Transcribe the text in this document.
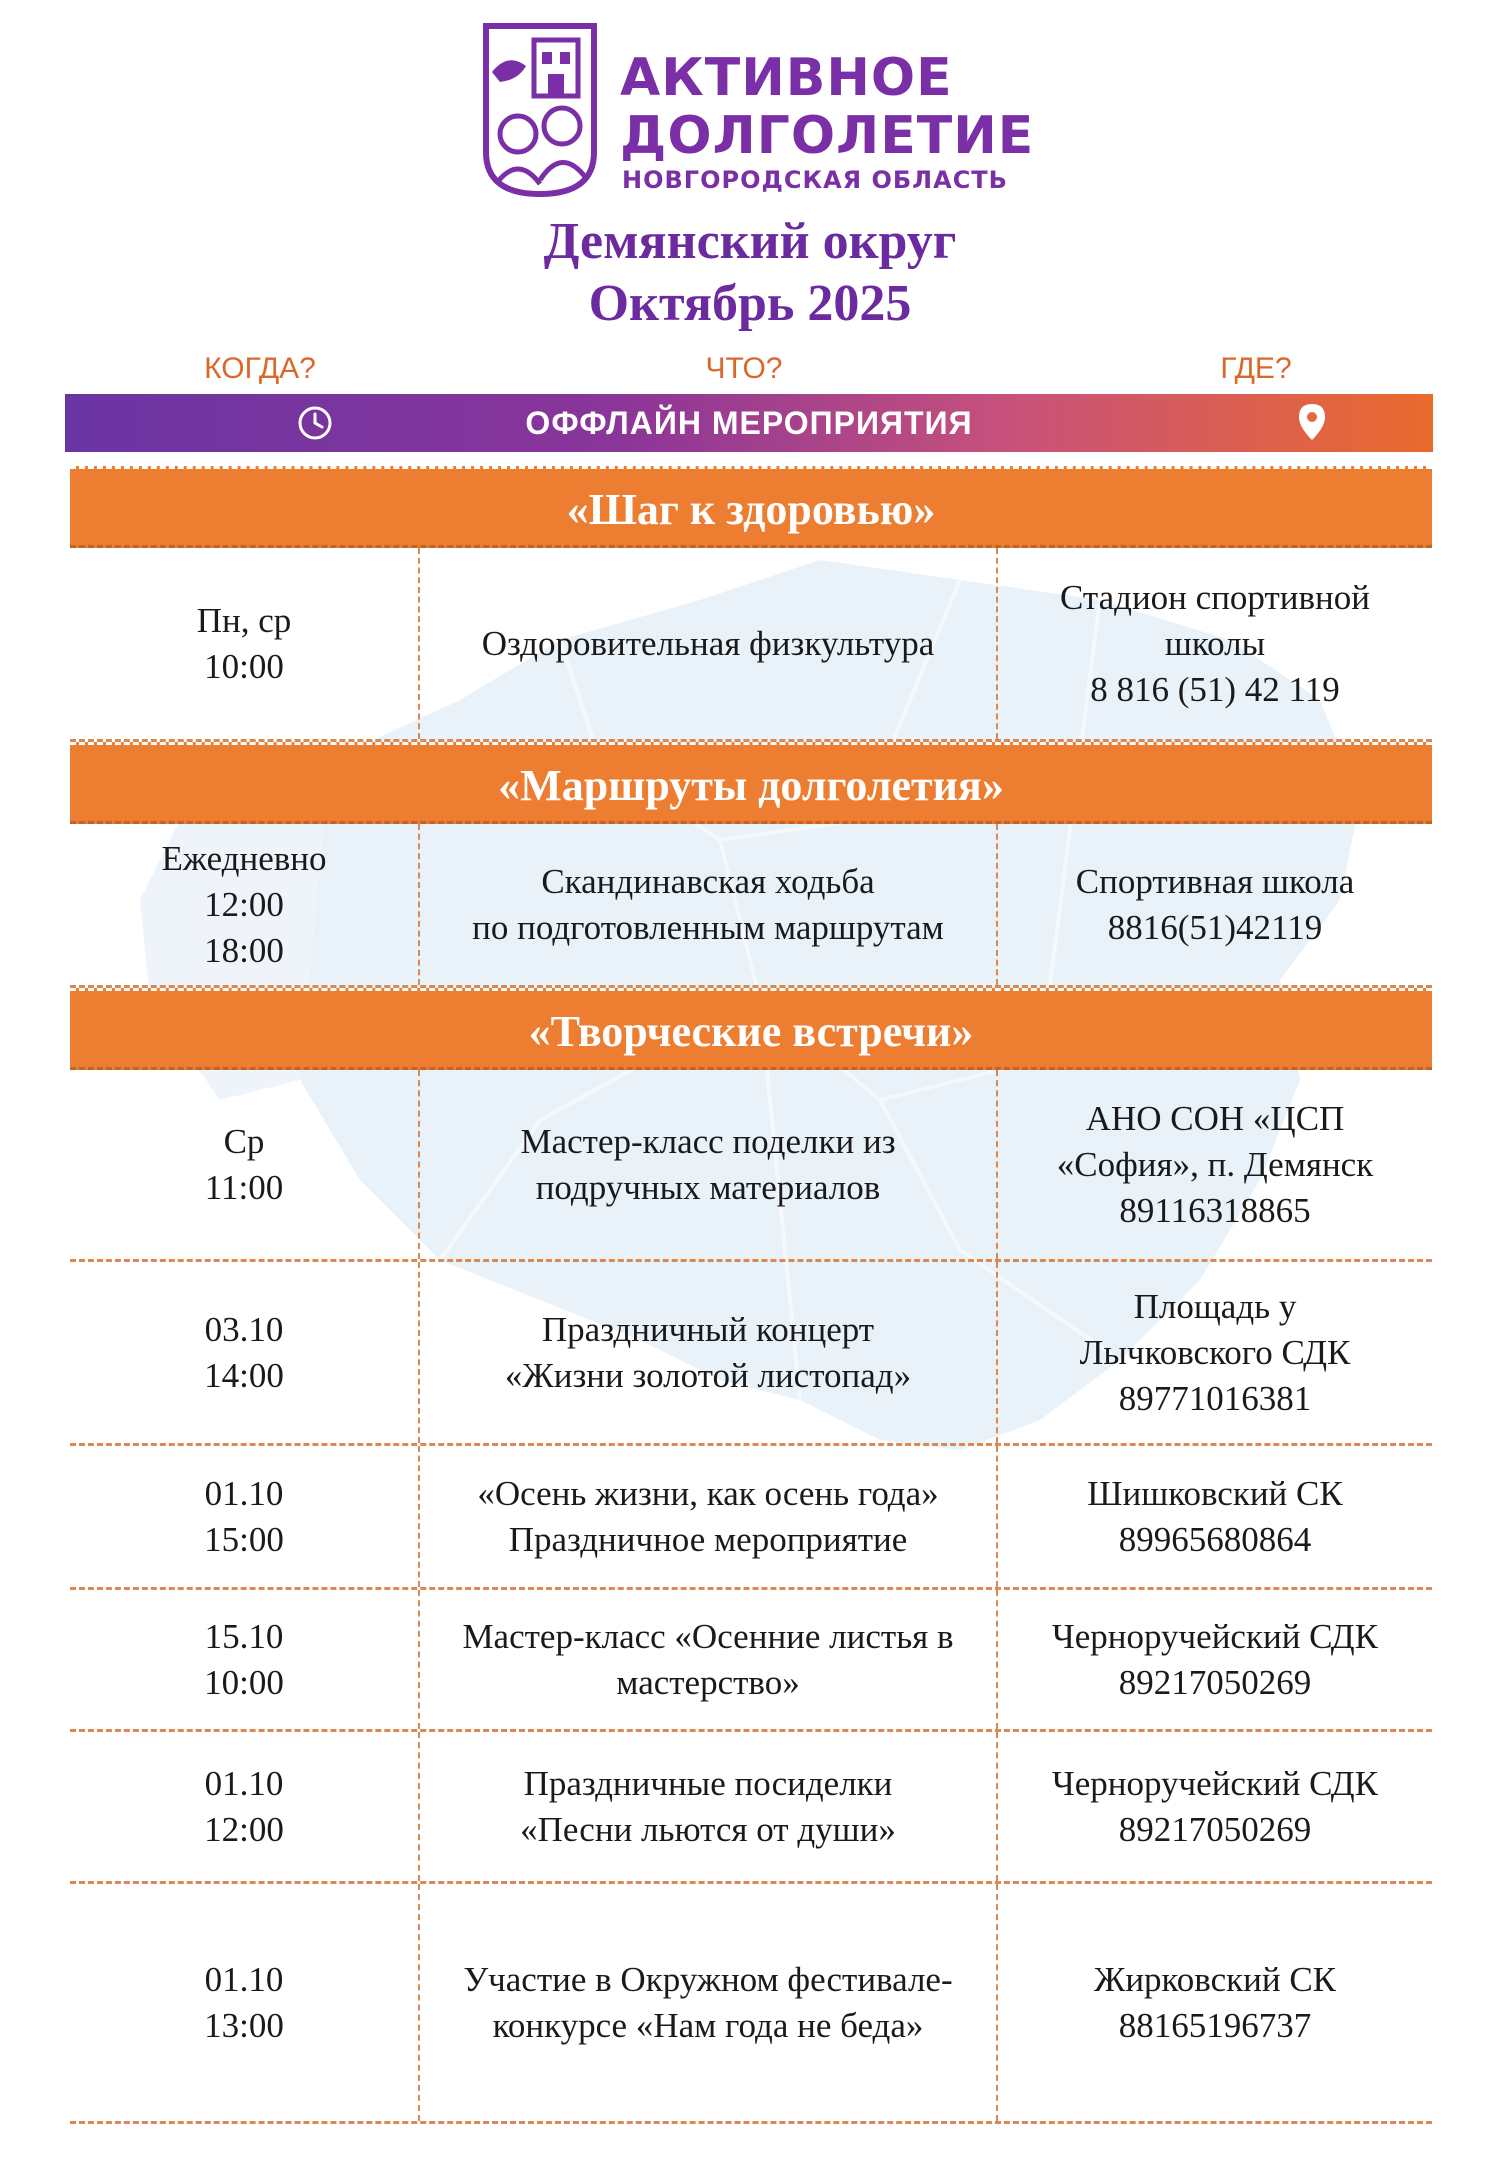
АКТИВНОЕ
ДОЛГОЛЕТИЕ
НОВГОРОДСКАЯ ОБЛАСТЬ
Демянский округ
Октябрь 2025
КОГДА?	ЧТО?	ГДЕ?
ОФФЛАЙН МЕРОПРИЯТИЯ
«Шаг к здоровью»
Пн, ср
10:00
Оздоровительная физкультура
Стадион спортивной
школы
8 816 (51) 42 119
«Маршруты долголетия»
Ежедневно
12:00
18:00
Скандинавская ходьба
по подготовленным маршрутам
Спортивная школа
8816(51)42119
«Творческие встречи»
Ср
11:00
Мастер-класс поделки из
подручных материалов
АНО СОН «ЦСП
«София», п. Демянск
89116318865
03.10
14:00
Праздничный концерт
«Жизни золотой листопад»
Площадь у
Лычковского СДК
89771016381
01.10
15:00
«Осень жизни, как осень года»
Праздничное мероприятие
Шишковский СК
89965680864
15.10
10:00
Мастер-класс «Осенние листья в
мастерство»
Черноручейский СДК
89217050269
01.10
12:00
Праздничные посиделки
«Песни льются от души»
Черноручейский СДК
89217050269
01.10
13:00
Участие в Окружном фестивале-
конкурсе «Нам года не беда»
Жирковский СК
88165196737
